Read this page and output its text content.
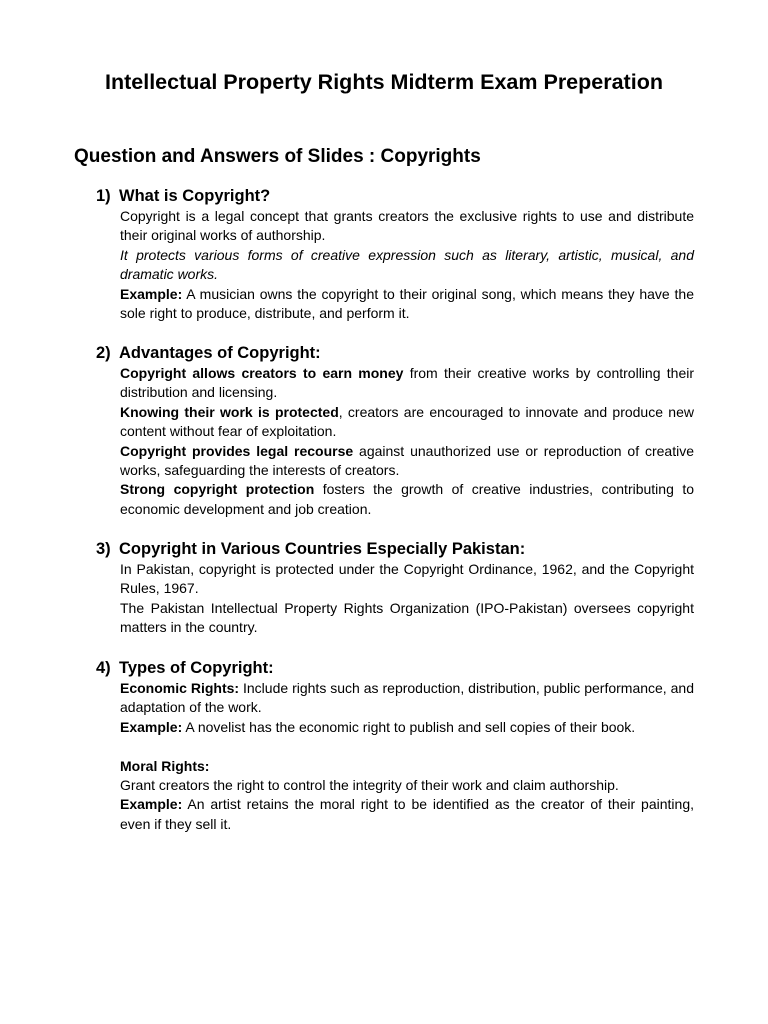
Intellectual Property Rights Midterm Exam Preperation
Question and Answers of Slides : Copyrights
1) What is Copyright?

Copyright is a legal concept that grants creators the exclusive rights to use and distribute their original works of authorship.

It protects various forms of creative expression such as literary, artistic, musical, and dramatic works.

Example: A musician owns the copyright to their original song, which means they have the sole right to produce, distribute, and perform it.

2) Advantages of Copyright:

Copyright allows creators to earn money from their creative works by controlling their distribution and licensing.

Knowing their work is protected, creators are encouraged to innovate and produce new content without fear of exploitation.

Copyright provides legal recourse against unauthorized use or reproduction of creative works, safeguarding the interests of creators.

Strong copyright protection fosters the growth of creative industries, contributing to economic development and job creation.

3) Copyright in Various Countries Especially Pakistan:

In Pakistan, copyright is protected under the Copyright Ordinance, 1962, and the Copyright Rules, 1967.

The Pakistan Intellectual Property Rights Organization (IPO-Pakistan) oversees copyright matters in the country.

4) Types of Copyright:

Economic Rights: Include rights such as reproduction, distribution, public performance, and adaptation of the work.

Example: A novelist has the economic right to publish and sell copies of their book.

Moral Rights:

Grant creators the right to control the integrity of their work and claim authorship.

Example: An artist retains the moral right to be identified as the creator of their painting, even if they sell it.
